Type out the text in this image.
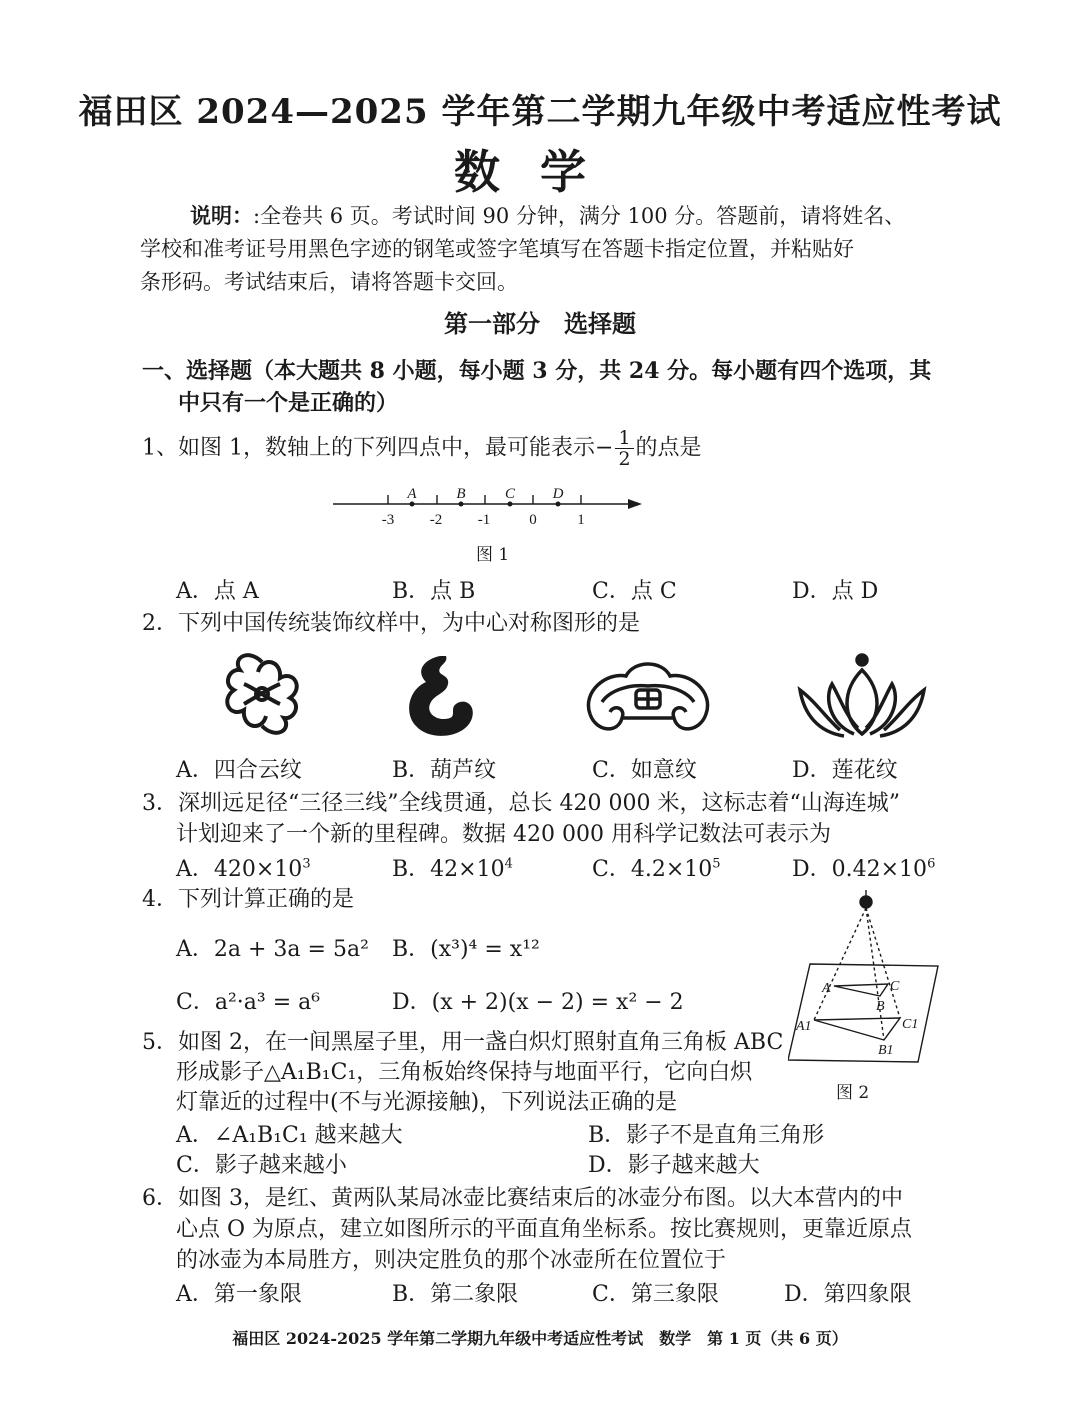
福田区 2024—2025 学年第二学期九年级中考适应性考试
数学
说明：:全卷共 6 页。考试时间 90 分钟，满分 100 分。答题前，请将姓名、
学校和准考证号用黑色字迹的钢笔或签字笔填写在答题卡指定位置，并粘贴好
条形码。考试结束后，请将答题卡交回。
第一部分　选择题
一、选择题（本大题共 8 小题，每小题 3 分，共 24 分。每小题有四个选项，其
中只有一个是正确的）
1、如图 1，数轴上的下列四点中，最可能表示− $\frac{1}{2}$ 的点是
-3 -2 -1	0	1
A	B	C	D
图 1
A．点 A	B．点 B	C．点 C	D．点 D
2．下列中国传统装饰纹样中，为中心对称图形的是
A．四合云纹	B．葫芦纹	C．如意纹	D．莲花纹
3．深圳远足径“三径三线”全线贯通，总长 420 000 米，这标志着“山海连城”
计划迎来了一个新的里程碑。数据 420 000 用科学记数法可表示为
A．$420\times 10^3$	B．$42\times 10^4$	C．$4.2\times 10^5$	D．$0.42\times 10^6$
4．下列计算正确的是
A．2a + 3a = 5a² B．(x³)⁴ = x¹²
C．a²·a³ = a⁶	D．(x + 2)(x − 2) = x² − 2
A
B
C
A1
B1
C1
图 2
5．如图 2，在一间黑屋子里，用一盏白炽灯照射直角三角板 ABC
形成影子△A₁B₁C₁，三角板始终保持与地面平行，它向白炽
灯靠近的过程中(不与光源接触)，下列说法正确的是
A．∠A₁B₁C₁ 越来越大	B．影子不是直角三角形
C．影子越来越小	D．影子越来越大
6．如图 3，是红、黄两队某局冰壶比赛结束后的冰壶分布图。以大本营内的中
心点 O 为原点，建立如图所示的平面直角坐标系。按比赛规则，更靠近原点
的冰壶为本局胜方，则决定胜负的那个冰壶所在位置位于
A．第一象限	B．第二象限	C．第三象限	D．第四象限
福田区 2024-2025 学年第二学期九年级中考适应性考试　数学　第 1 页（共 6 页）
